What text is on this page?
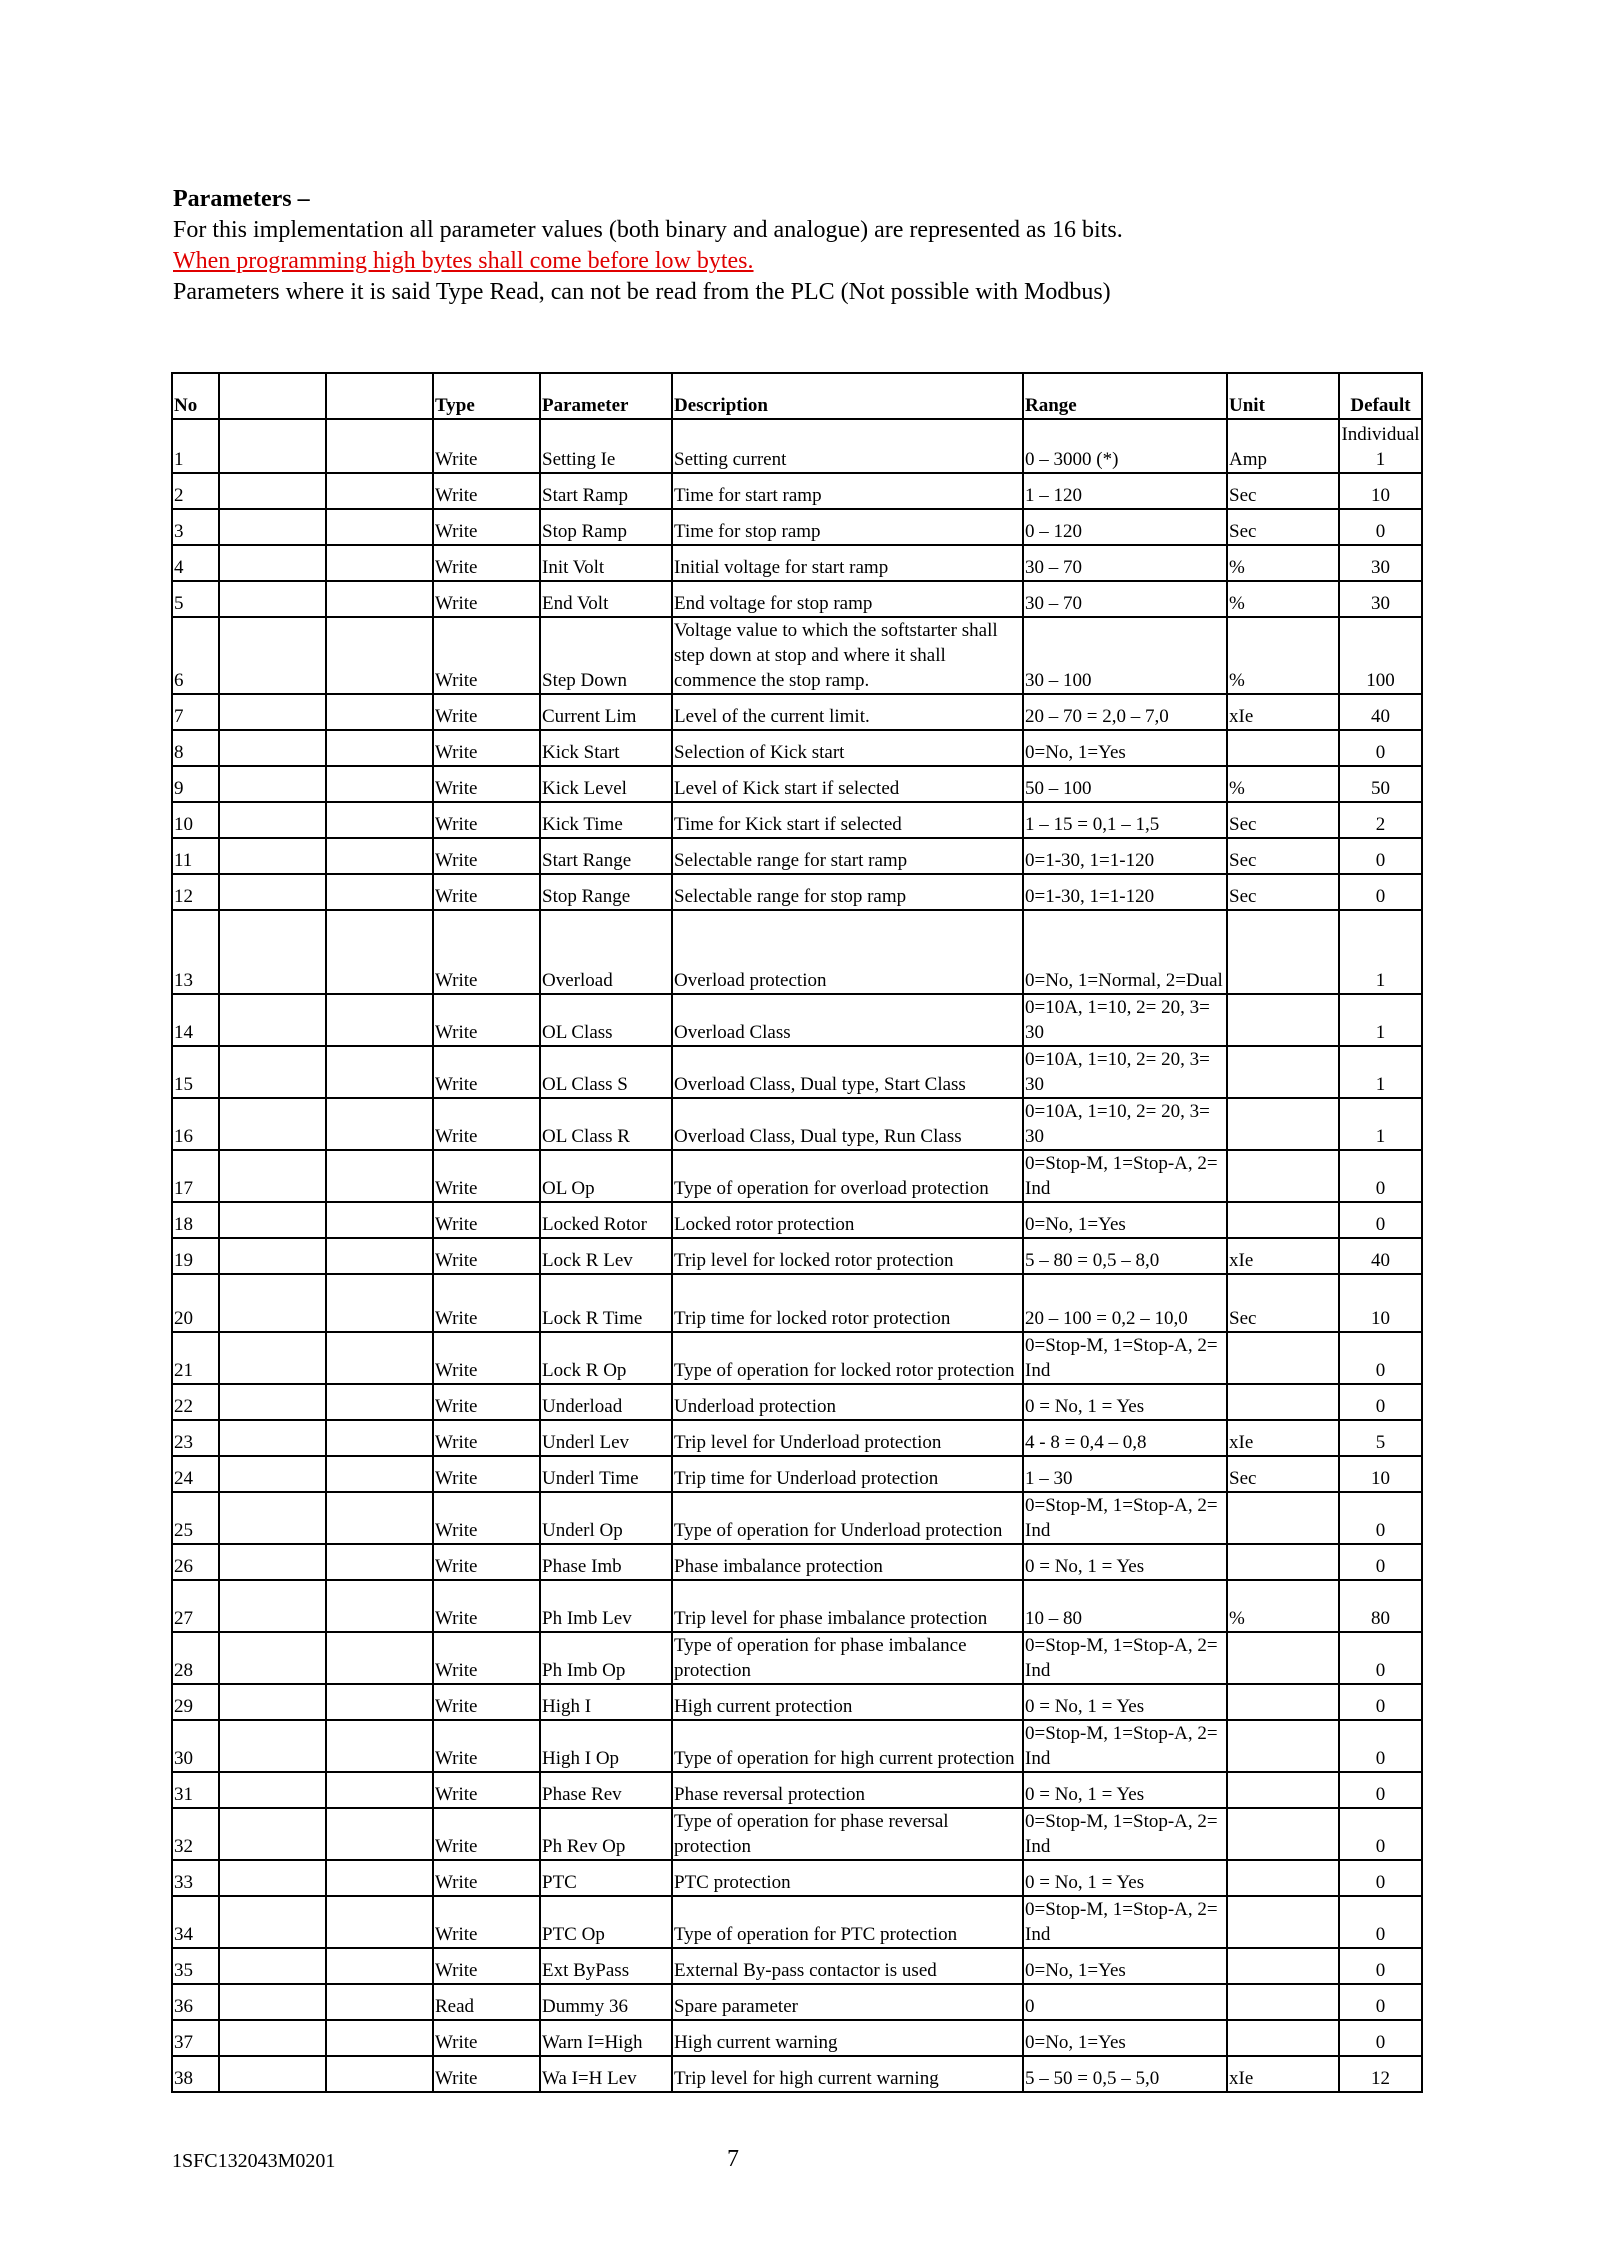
Parameters –

For this implementation all parameter values (both binary and analogue) are represented as 16 bits.

When programming high bytes shall come before low bytes.

Parameters where it is said Type Read, can not be read from the PLC (Not possible with Modbus)

No			Type	Parameter	Description	Range	Unit	Default
1			Write	Setting Ie	Setting current	0 – 3000 (*)	Amp	Individual 1
2			Write	Start Ramp	Time for start ramp	1 – 120	Sec	10
3			Write	Stop Ramp	Time for stop ramp	0 – 120	Sec	0
4			Write	Init Volt	Initial voltage for start ramp	30 – 70	%	30
5			Write	End Volt	End voltage for stop ramp	30 – 70	%	30
6			Write	Step Down	Voltage value to which the softstarter shall step down at stop and where it shall commence the stop ramp.	30 – 100	%	100
7			Write	Current Lim	Level of the current limit.	20 – 70 = 2,0 – 7,0	xIe	40
8			Write	Kick Start	Selection of Kick start	0=No, 1=Yes		0
9			Write	Kick Level	Level of Kick start if selected	50 – 100	%	50
10			Write	Kick Time	Time for Kick start if selected	1 – 15 = 0,1 – 1,5	Sec	2
11			Write	Start Range	Selectable range for start ramp	0=1-30, 1=1-120	Sec	0
12			Write	Stop Range	Selectable range for stop ramp	0=1-30, 1=1-120	Sec	0
13			Write	Overload	Overload protection	0=No, 1=Normal, 2=Dual		1
14			Write	OL Class	Overload Class	0=10A, 1=10, 2= 20, 3= 30		1
15			Write	OL Class S	Overload Class, Dual type, Start Class	0=10A, 1=10, 2= 20, 3= 30		1
16			Write	OL Class R	Overload Class, Dual type, Run Class	0=10A, 1=10, 2= 20, 3= 30		1
17			Write	OL Op	Type of operation for overload protection	0=Stop-M, 1=Stop-A, 2= Ind		0
18			Write	Locked Rotor	Locked rotor protection	0=No, 1=Yes		0
19			Write	Lock R Lev	Trip level for locked rotor protection	5 – 80 = 0,5 – 8,0	xIe	40
20			Write	Lock R Time	Trip time for locked rotor protection	20 – 100 = 0,2 – 10,0	Sec	10
21			Write	Lock R Op	Type of operation for locked rotor protection	0=Stop-M, 1=Stop-A, 2= Ind		0
22			Write	Underload	Underload protection	0 = No, 1 = Yes		0
23			Write	Underl Lev	Trip level for Underload protection	4 - 8 = 0,4 – 0,8	xIe	5
24			Write	Underl Time	Trip time for Underload protection	1 – 30	Sec	10
25			Write	Underl Op	Type of operation for Underload protection	0=Stop-M, 1=Stop-A, 2= Ind		0
26			Write	Phase Imb	Phase imbalance protection	0 = No, 1 = Yes		0
27			Write	Ph Imb Lev	Trip level for phase imbalance protection	10 – 80	%	80
28			Write	Ph Imb Op	Type of operation for phase imbalance protection	0=Stop-M, 1=Stop-A, 2= Ind		0
29			Write	High I	High current protection	0 = No, 1 = Yes		0
30			Write	High I Op	Type of operation for high current protection	0=Stop-M, 1=Stop-A, 2= Ind		0
31			Write	Phase Rev	Phase reversal protection	0 = No, 1 = Yes		0
32			Write	Ph Rev Op	Type of operation for phase reversal protection	0=Stop-M, 1=Stop-A, 2= Ind		0
33			Write	PTC	PTC protection	0 = No, 1 = Yes		0
34			Write	PTC Op	Type of operation for PTC protection	0=Stop-M, 1=Stop-A, 2= Ind		0
35			Write	Ext ByPass	External By-pass contactor is used	0=No, 1=Yes		0
36			Read	Dummy 36	Spare parameter	0		0
37			Write	Warn I=High	High current warning	0=No, 1=Yes		0
38			Write	Wa I=H Lev	Trip level for high current warning	5 – 50 = 0,5 – 5,0	xIe	12
1SFC132043M0201	7
